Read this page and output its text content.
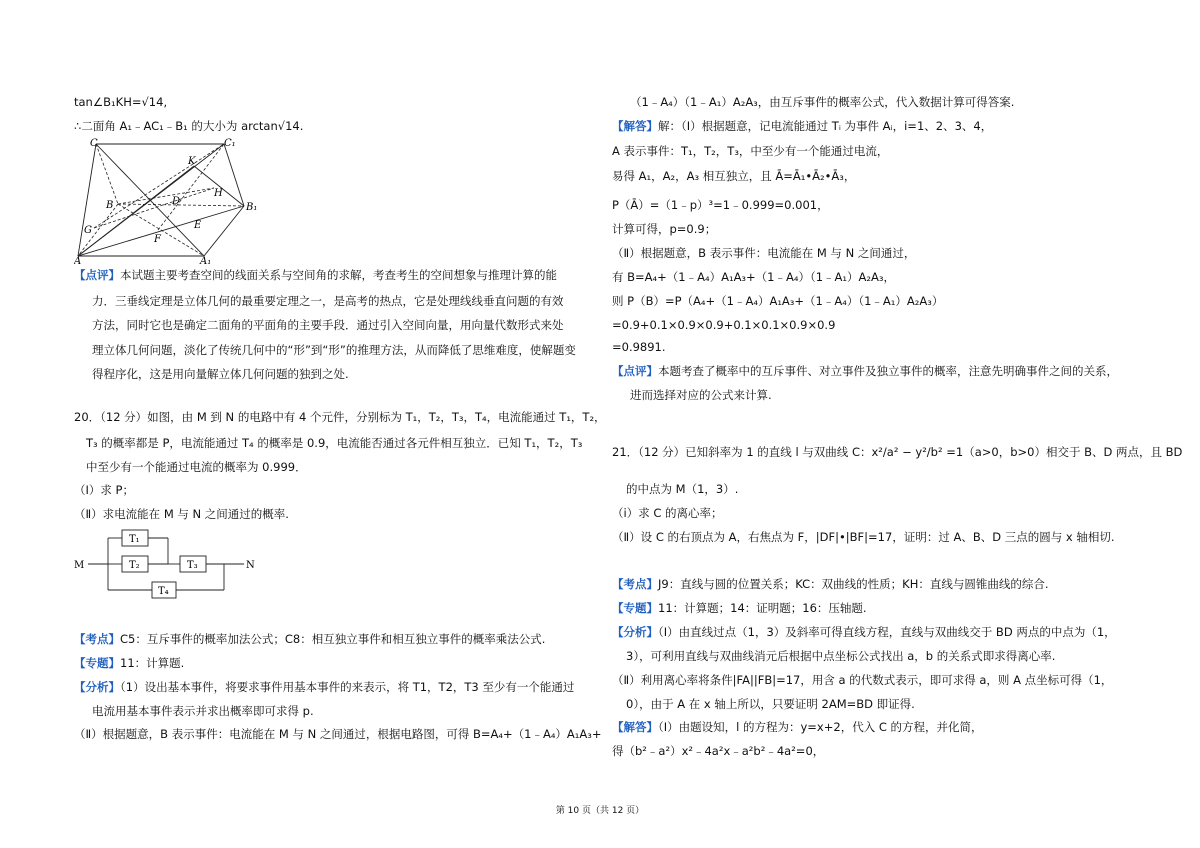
tan∠B₁KH=√14,
∴二面角 A₁﹣AC₁﹣B₁ 的大小为 arctan√14.
C	C₁
K
H
B	D
B₁
G	E
F
A	A₁
【点评】本试题主要考查空间的线面关系与空间角的求解，考查考生的空间想象与推理计算的能
力．三垂线定理是立体几何的最重要定理之一，是高考的热点，它是处理线线垂直问题的有效
方法，同时它也是确定二面角的平面角的主要手段．通过引入空间向量，用向量代数形式来处
理立体几何问题，淡化了传统几何中的“形”到“形”的推理方法，从而降低了思维难度，使解题变
得程序化，这是用向量解立体几何问题的独到之处.
20．（12 分）如图，由 M 到 N 的电路中有 4 个元件，分别标为 T₁，T₂，T₃，T₄，电流能通过 T₁，T₂，
T₃ 的概率都是 P，电流能通过 T₄ 的概率是 0.9，电流能否通过各元件相互独立．已知 T₁，T₂，T₃
中至少有一个能通过电流的概率为 0.999．
（Ⅰ）求 P；
（Ⅱ）求电流能在 M 与 N 之间通过的概率.
M	N
T₁
T₂	T₃
T₄
【考点】C5：互斥事件的概率加法公式；C8：相互独立事件和相互独立事件的概率乘法公式.
【专题】11：计算题.
【分析】（1）设出基本事件，将要求事件用基本事件的来表示，将 T1，T2，T3 至少有一个能通过
电流用基本事件表示并求出概率即可求得 p.
（Ⅱ）根据题意，B 表示事件：电流能在 M 与 N 之间通过，根据电路图，可得 B=A₄+（1﹣A₄）A₁A₃+
（1﹣A₄）（1﹣A₁）A₂A₃，由互斥事件的概率公式，代入数据计算可得答案.
【解答】解：（Ⅰ）根据题意，记电流能通过 Tᵢ 为事件 Aᵢ，i=1、2、3、4，
A 表示事件：T₁，T₂，T₃，中至少有一个能通过电流，
易得 A₁，A₂，A₃ 相互独立，且 Ā=Ā₁•Ā₂•Ā₃，
P（Ā）=（1﹣p）³=1﹣0.999=0.001，
计算可得，p=0.9；
（Ⅱ）根据题意，B 表示事件：电流能在 M 与 N 之间通过，
有 B=A₄+（1﹣A₄）A₁A₃+（1﹣A₄）（1﹣A₁）A₂A₃，
则 P（B）=P（A₄+（1﹣A₄）A₁A₃+（1﹣A₄）（1﹣A₁）A₂A₃）
=0.9+0.1×0.9×0.9+0.1×0.1×0.9×0.9
=0.9891.
【点评】本题考查了概率中的互斥事件、对立事件及独立事件的概率，注意先明确事件之间的关系，
进而选择对应的公式来计算.
21．（12 分）已知斜率为 1 的直线 l 与双曲线 C：x²/a² − y²/b² =1（a>0，b>0）相交于 B、D 两点，且 BD
的中点为 M（1，3）.
（ⅰ）求 C 的离心率；
（Ⅱ）设 C 的右顶点为 A，右焦点为 F，|DF|•|BF|=17，证明：过 A、B、D 三点的圆与 x 轴相切.
【考点】J9：直线与圆的位置关系；KC：双曲线的性质；KH：直线与圆锥曲线的综合.
【专题】11：计算题；14：证明题；16：压轴题.
【分析】（Ⅰ）由直线过点（1，3）及斜率可得直线方程，直线与双曲线交于 BD 两点的中点为（1，
3），可利用直线与双曲线消元后根据中点坐标公式找出 a，b 的关系式即求得离心率.
（Ⅱ）利用离心率将条件|FA||FB|=17，用含 a 的代数式表示，即可求得 a，则 A 点坐标可得（1，
0），由于 A 在 x 轴上所以，只要证明 2AM=BD 即证得.
【解答】（Ⅰ）由题设知，l 的方程为：y=x+2，代入 C 的方程，并化简，
得（b²﹣a²）x²﹣4a²x﹣a²b²﹣4a²=0，
第 10 页（共 12 页）
